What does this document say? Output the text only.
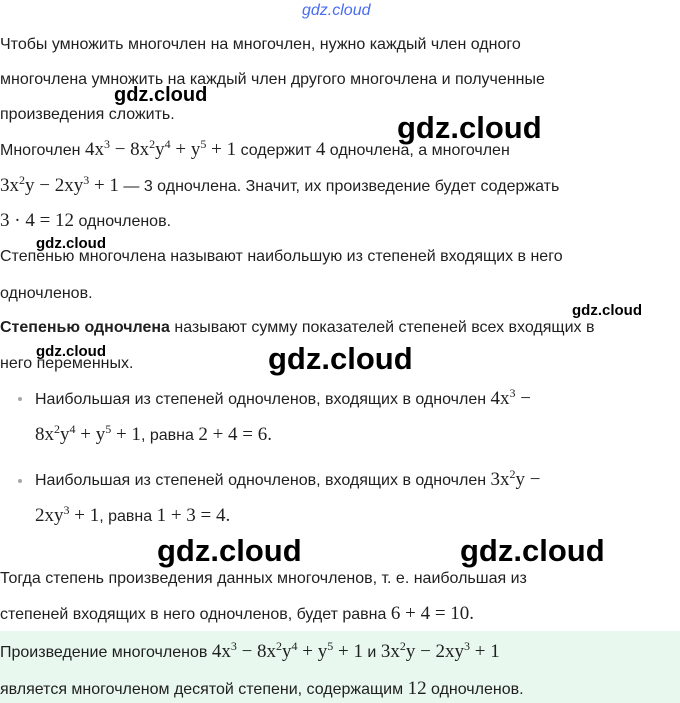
Чтобы умножить многочлен на многочлен, нужно каждый член одного
многочлена умножить на каждый член другого многочлена и полученные
произведения сложить.
Многочлен $4x^3 - 8x^2y^4 + y^5 + 1$ содержит 4 одночлена, а многочлен
$3x^2y - 2xy^3 + 1$ — 3 одночлена. Значит, их произведение будет содержать
3 · 4 = 12 одночленов.
Степенью многочлена называют наибольшую из степеней входящих в него
одночленов.
Степенью одночлена называют сумму показателей степеней всех входящих в
него переменных.
Наибольшая из степеней одночленов, входящих в одночлен $4x^3$ −
$8x^2y^4 + y^5 + 1$, равна 2 + 4 = 6.
Наибольшая из степеней одночленов, входящих в одночлен $3x^2y$ −
$2xy^3 + 1$, равна 1 + 3 = 4.
Тогда степень произведения данных многочленов, т. е. наибольшая из
степеней входящих в него одночленов, будет равна 6 + 4 = 10.
Произведение многочленов $4x^3 - 8x^2y^4 + y^5 + 1$ и $3x^2y - 2xy^3 + 1$
является многочленом десятой степени, содержащим 12 одночленов.
gdz.cloud
gdz.cloud
gdz.cloud
gdz.cloud
gdz.cloud
gdz.cloud	gdz.cloud
gdz.cloud	gdz.cloud
